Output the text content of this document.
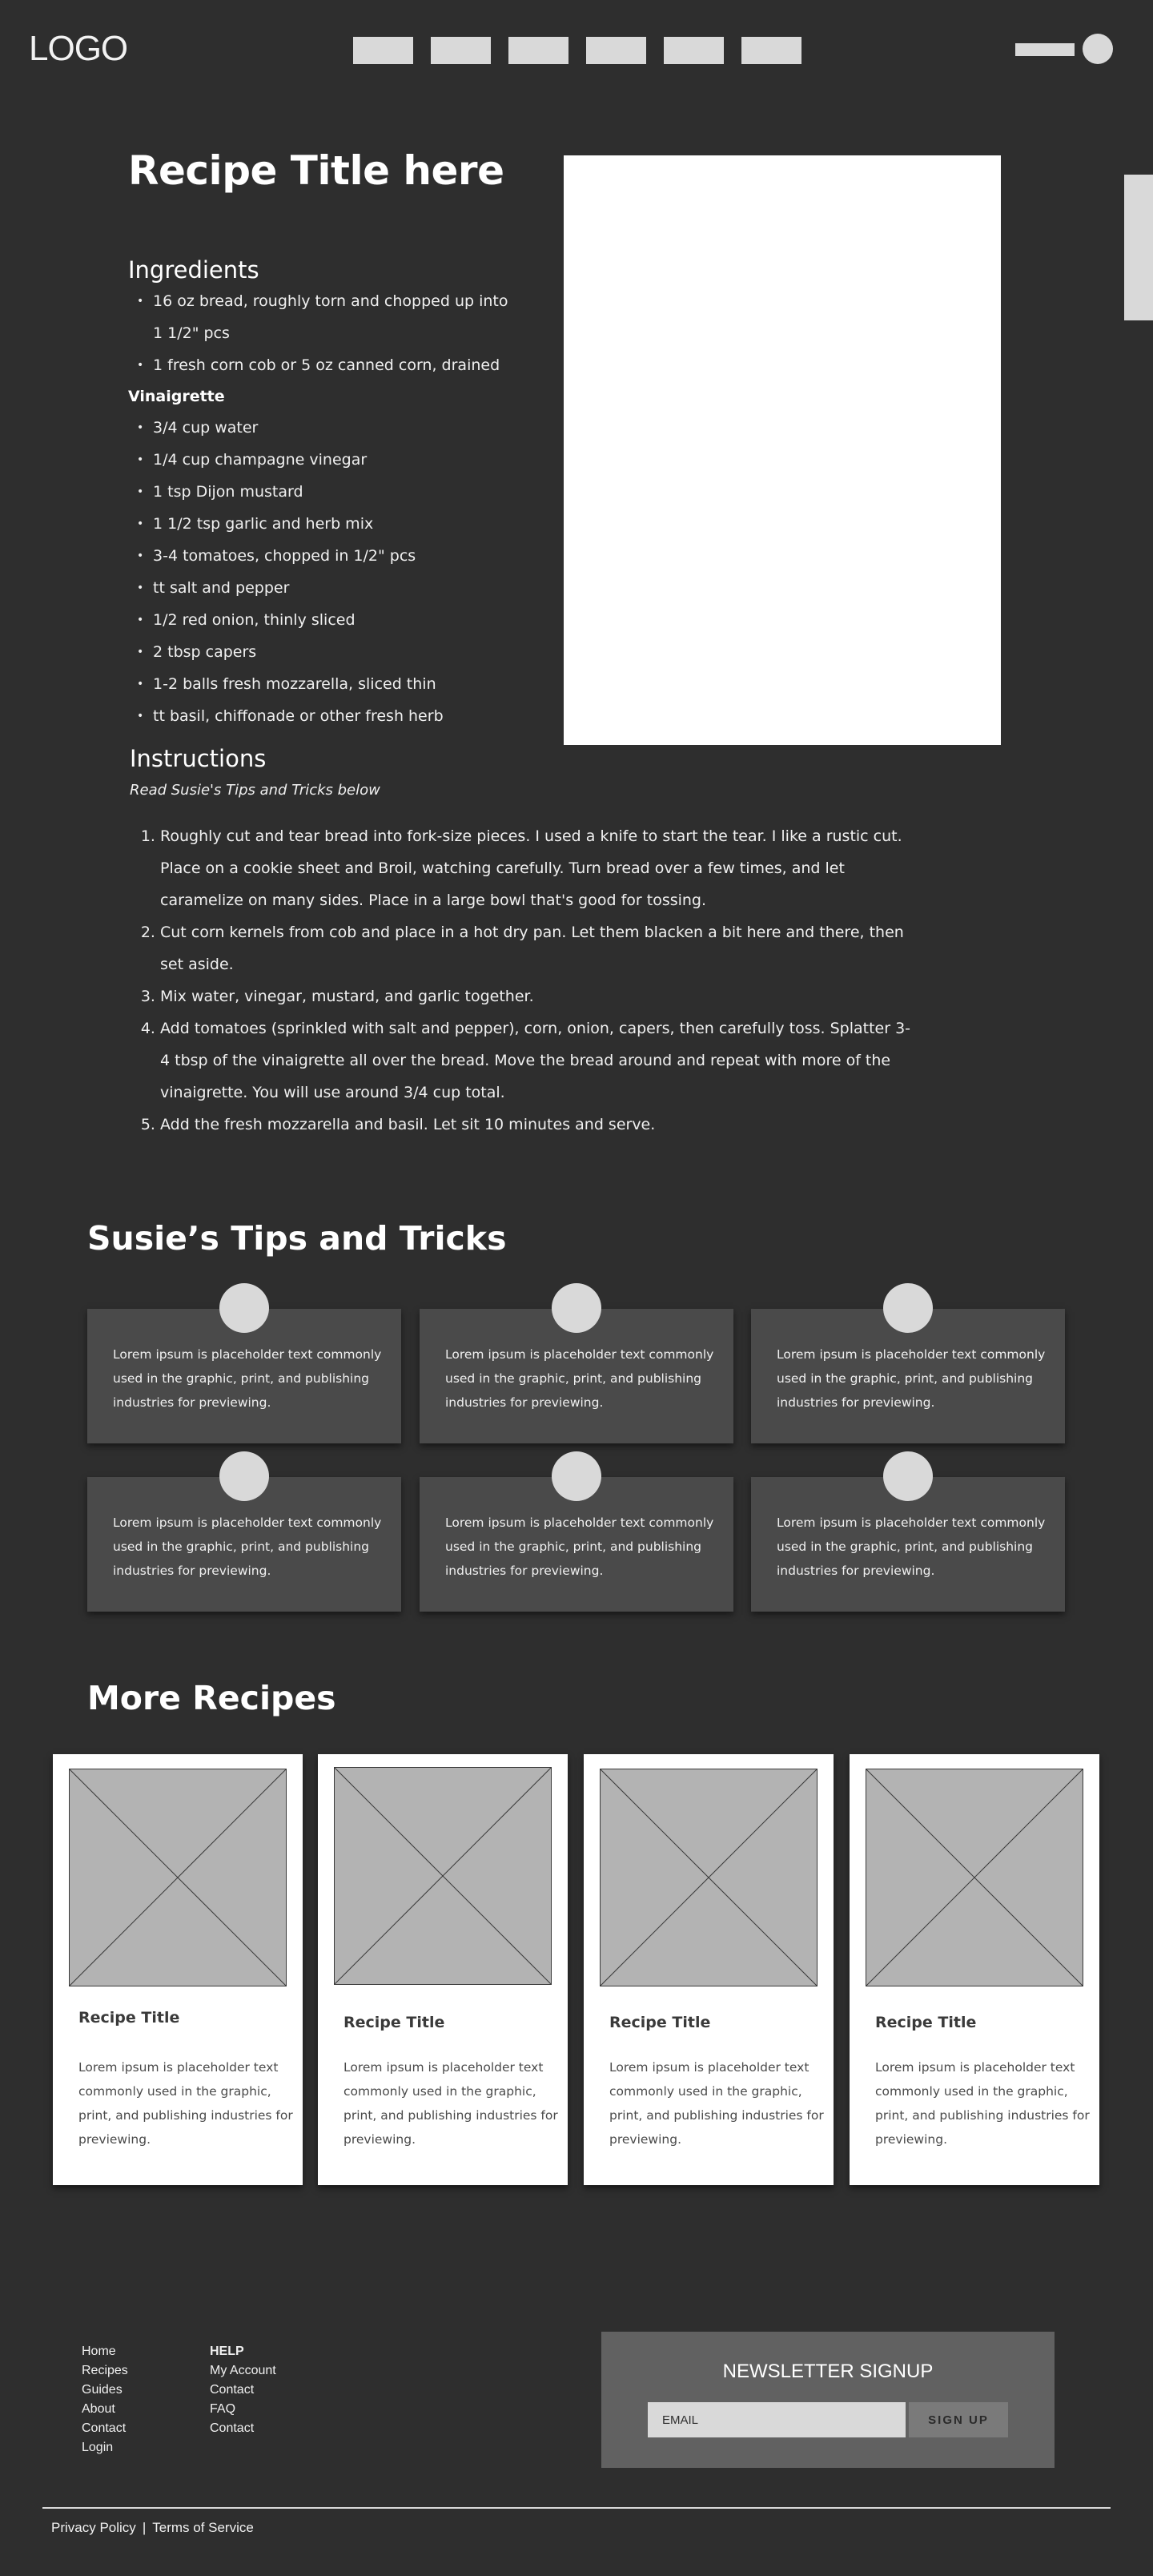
LOGO
Recipe Title here
Ingredients
• 16 oz bread, roughly torn and chopped up into 1 1/2" pcs
• 1 fresh corn cob or 5 oz canned corn, drained
Vinaigrette
• 3/4 cup water
• 1/4 cup champagne vinegar
• 1 tsp Dijon mustard
• 1 1/2 tsp garlic and herb mix
• 3-4 tomatoes, chopped in 1/2" pcs
• tt salt and pepper
• 1/2 red onion, thinly sliced
• 2 tbsp capers
• 1-2 balls fresh mozzarella, sliced thin
• tt basil, chiffonade or other fresh herb
Instructions
Read Susie's Tips and Tricks below
1. Roughly cut and tear bread into fork-size pieces. I used a knife to start the tear. I like a rustic cut. Place on a cookie sheet and Broil, watching carefully. Turn bread over a few times, and let caramelize on many sides. Place in a large bowl that's good for tossing.
2. Cut corn kernels from cob and place in a hot dry pan. Let them blacken a bit here and there, then set aside.
3. Mix water, vinegar, mustard, and garlic together.
4. Add tomatoes (sprinkled with salt and pepper), corn, onion, capers, then carefully toss. Splatter 3-4 tbsp of the vinaigrette all over the bread. Move the bread around and repeat with more of the vinaigrette. You will use around 3/4 cup total.
5. Add the fresh mozzarella and basil. Let sit 10 minutes and serve.
Susie’s Tips and Tricks
Lorem ipsum is placeholder text commonly used in the graphic, print, and publishing industries for previewing.
Lorem ipsum is placeholder text commonly used in the graphic, print, and publishing industries for previewing.
Lorem ipsum is placeholder text commonly used in the graphic, print, and publishing industries for previewing.
Lorem ipsum is placeholder text commonly used in the graphic, print, and publishing industries for previewing.
Lorem ipsum is placeholder text commonly used in the graphic, print, and publishing industries for previewing.
Lorem ipsum is placeholder text commonly used in the graphic, print, and publishing industries for previewing.
More Recipes
Recipe Title
Lorem ipsum is placeholder text commonly used in the graphic, print, and publishing industries for previewing.
Recipe Title
Lorem ipsum is placeholder text commonly used in the graphic, print, and publishing industries for previewing.
Recipe Title
Lorem ipsum is placeholder text commonly used in the graphic, print, and publishing industries for previewing.
Recipe Title
Lorem ipsum is placeholder text commonly used in the graphic, print, and publishing industries for previewing.
Home
Recipes
Guides
About
Contact
Login
HELP
My Account
Contact
FAQ
Contact
NEWSLETTER SIGNUP
EMAIL
SIGN UP
Privacy Policy | Terms of Service
